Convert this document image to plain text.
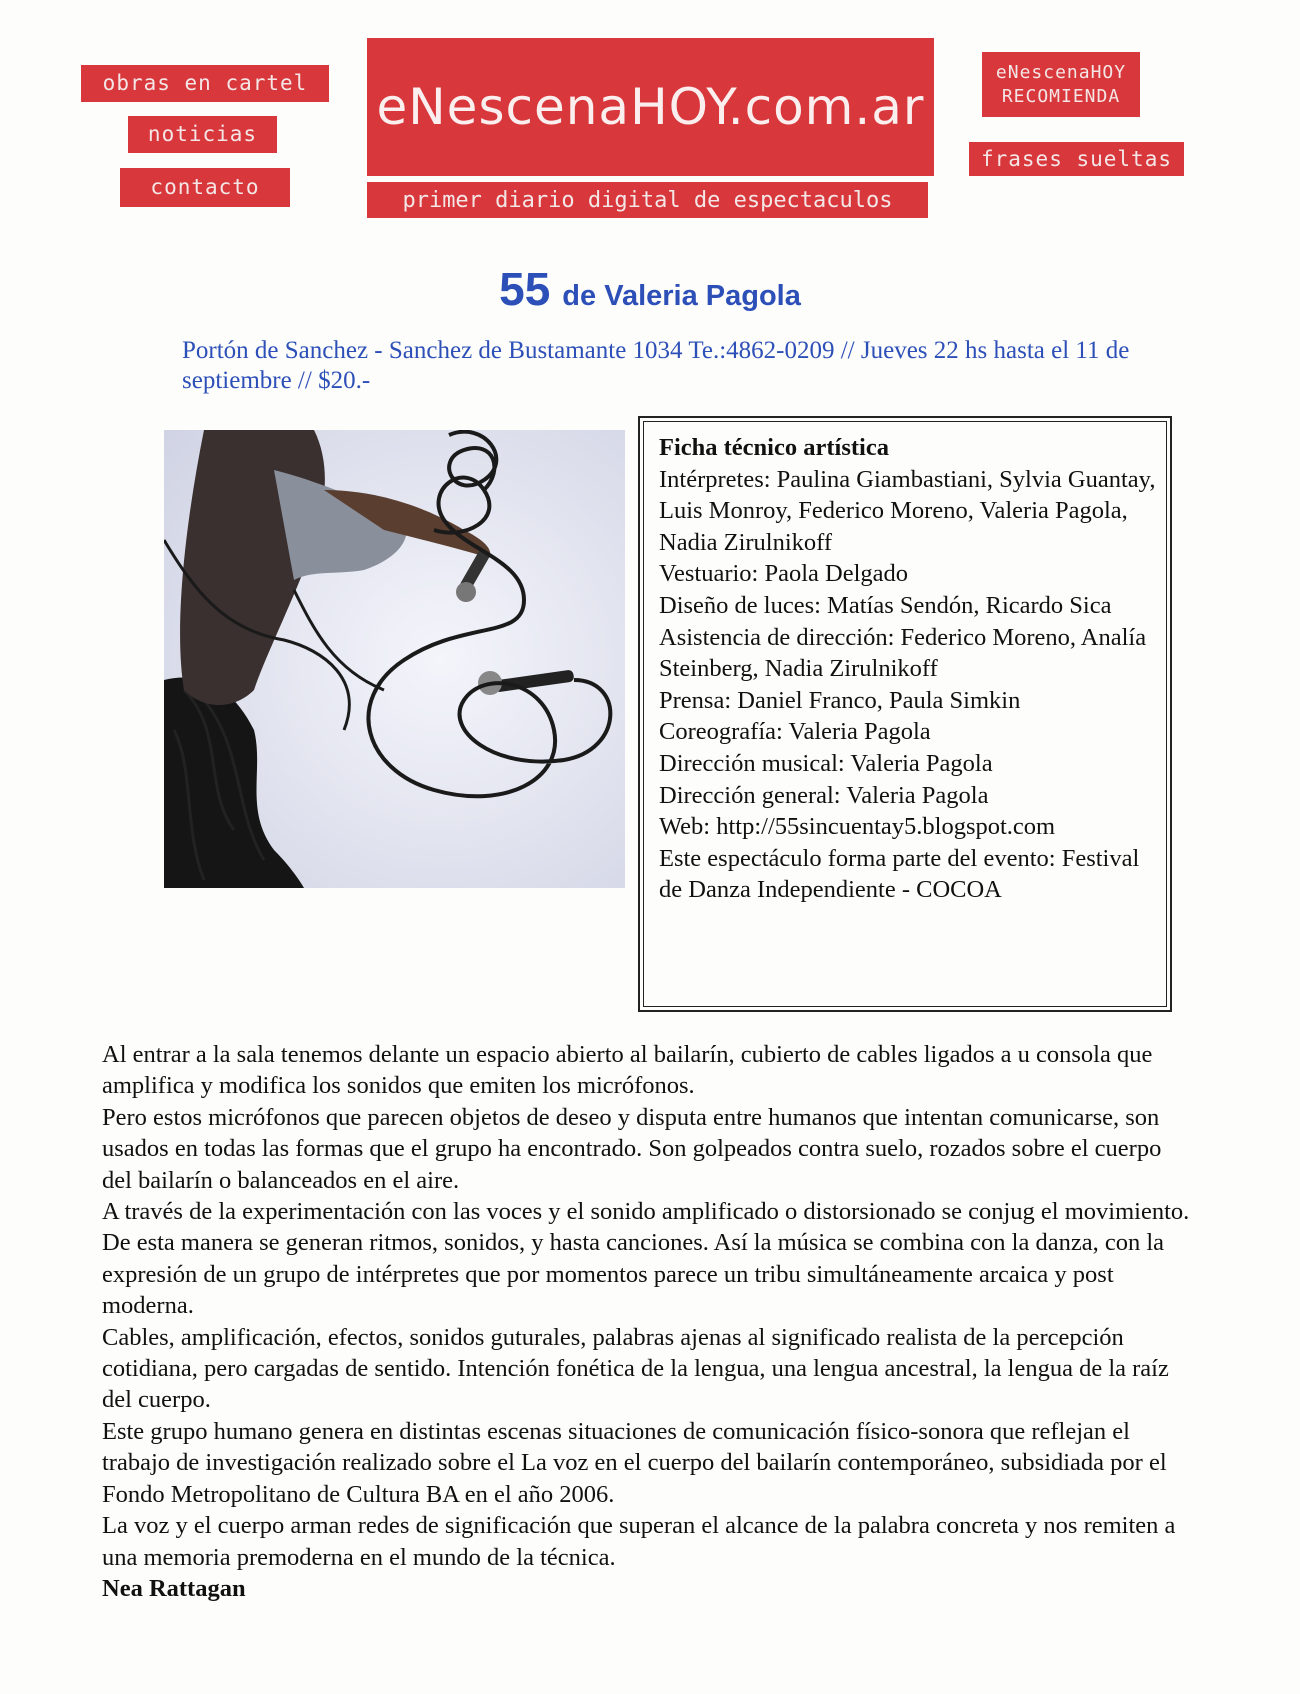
obras en cartel
noticias
contacto
eNescenaHOY.com.ar
primer diario digital de espectaculos
eNescenaHOY
RECOMIENDA
frases sueltas
55 de Valeria Pagola
Portón de Sanchez - Sanchez de Bustamante 1034 Te.:4862-0209 // Jueves 22 hs hasta el 11 de septiembre // $20.-
Ficha técnico artística
Intérpretes: Paulina Giambastiani, Sylvia Guantay, Luis Monroy, Federico Moreno, Valeria Pagola, Nadia Zirulnikoff
Vestuario: Paola Delgado
Diseño de luces: Matías Sendón, Ricardo Sica
Asistencia de dirección: Federico Moreno, Analía Steinberg, Nadia Zirulnikoff
Prensa: Daniel Franco, Paula Simkin
Coreografía: Valeria Pagola
Dirección musical: Valeria Pagola
Dirección general: Valeria Pagola
Web: http://55sincuentay5.blogspot.com
Este espectáculo forma parte del evento: Festival de Danza Independiente - COCOA

Al entrar a la sala tenemos delante un espacio abierto al bailarín, cubierto de cables ligados a u consola que amplifica y modifica los sonidos que emiten los micrófonos.

Pero estos micrófonos que parecen objetos de deseo y disputa entre humanos que intentan comunicarse, son usados en todas las formas que el grupo ha encontrado. Son golpeados contra suelo, rozados sobre el cuerpo del bailarín o balanceados en el aire.

A través de la experimentación con las voces y el sonido amplificado o distorsionado se conjug el movimiento. De esta manera se generan ritmos, sonidos, y hasta canciones. Así la música se combina con la danza, con la expresión de un grupo de intérpretes que por momentos parece un tribu simultáneamente arcaica y post moderna.

Cables, amplificación, efectos, sonidos guturales, palabras ajenas al significado realista de la percepción cotidiana, pero cargadas de sentido. Intención fonética de la lengua, una lengua ancestral, la lengua de la raíz del cuerpo.

Este grupo humano genera en distintas escenas situaciones de comunicación físico-sonora que reflejan el trabajo de investigación realizado sobre el La voz en el cuerpo del bailarín contemporáneo, subsidiada por el Fondo Metropolitano de Cultura BA en el año 2006.

La voz y el cuerpo arman redes de significación que superan el alcance de la palabra concreta y nos remiten a una memoria premoderna en el mundo de la técnica.

Nea Rattagan
